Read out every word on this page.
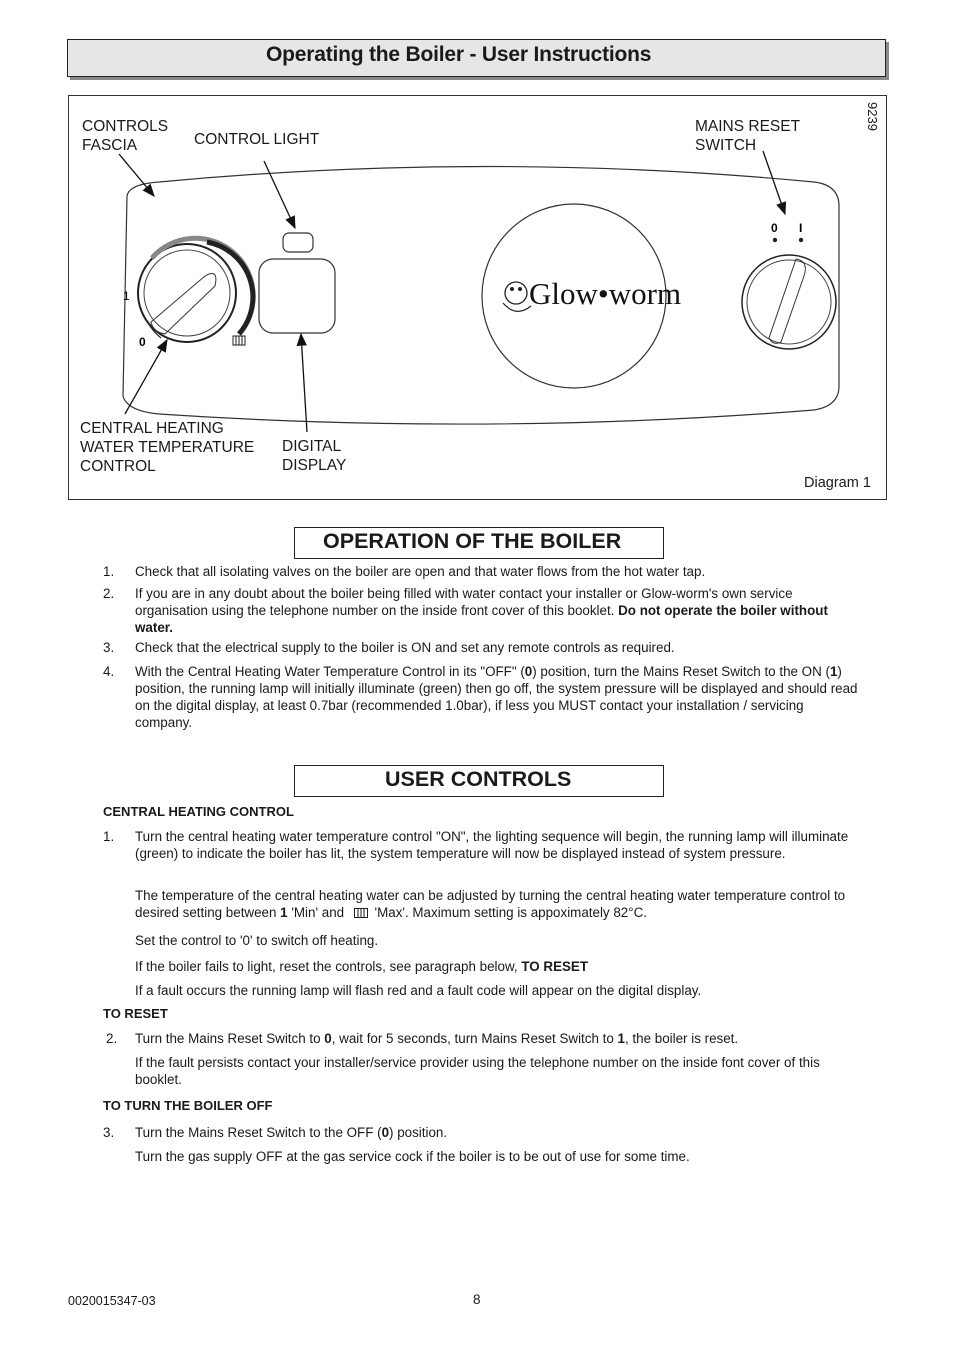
Operating the Boiler - User Instructions
1
0
Glow•worm
0 I
CONTROLS
FASCIA	CONTROL LIGHT
MAINS RESET
SWITCH
CENTRAL HEATING
WATER TEMPERATURE
CONTROL
DIGITAL
DISPLAY
9239
Diagram 1
OPERATION OF THE BOILER
1. Check that all isolating valves on the boiler are open and that water flows from the hot water tap.
2. If you are in any doubt about the boiler being filled with water contact your installer or Glow-worm's own service organisation using the telephone number on the inside front cover of this booklet. Do not operate the boiler without water.
3. Check that the electrical supply to the boiler is ON and set any remote controls as required.
4. With the Central Heating Water Temperature Control in its "OFF" (0) position, turn the Mains Reset Switch to the ON (1) position, the running lamp will initially illuminate (green) then go off, the system pressure will be displayed and should read on the digital display, at least 0.7bar (recommended 1.0bar), if less you MUST contact your installation / servicing company.
USER CONTROLS
CENTRAL HEATING CONTROL
1. Turn the central heating water temperature control "ON", the lighting sequence will begin, the running lamp will illuminate (green) to indicate the boiler has lit, the system temperature will now be displayed instead of system pressure.
The temperature of the central heating water can be adjusted by turning the central heating water temperature control to desired setting between 1 'Min' and  'Max'. Maximum setting is appoximately 82°C.
Set the control to '0' to switch off heating.
If the boiler fails to light, reset the controls, see paragraph below, TO RESET
If a fault occurs the running lamp will flash red and a fault code will appear on the digital display.
TO RESET
2. Turn the Mains Reset Switch to 0, wait for 5 seconds, turn Mains Reset Switch to 1, the boiler is reset.
If the fault persists contact your installer/service provider using the telephone number on the inside font cover of this booklet.
TO TURN THE BOILER OFF
3. Turn the Mains Reset Switch to the OFF (0) position.
Turn the gas supply OFF at the gas service cock if the boiler is to be out of use for some time.
0020015347-03	8
